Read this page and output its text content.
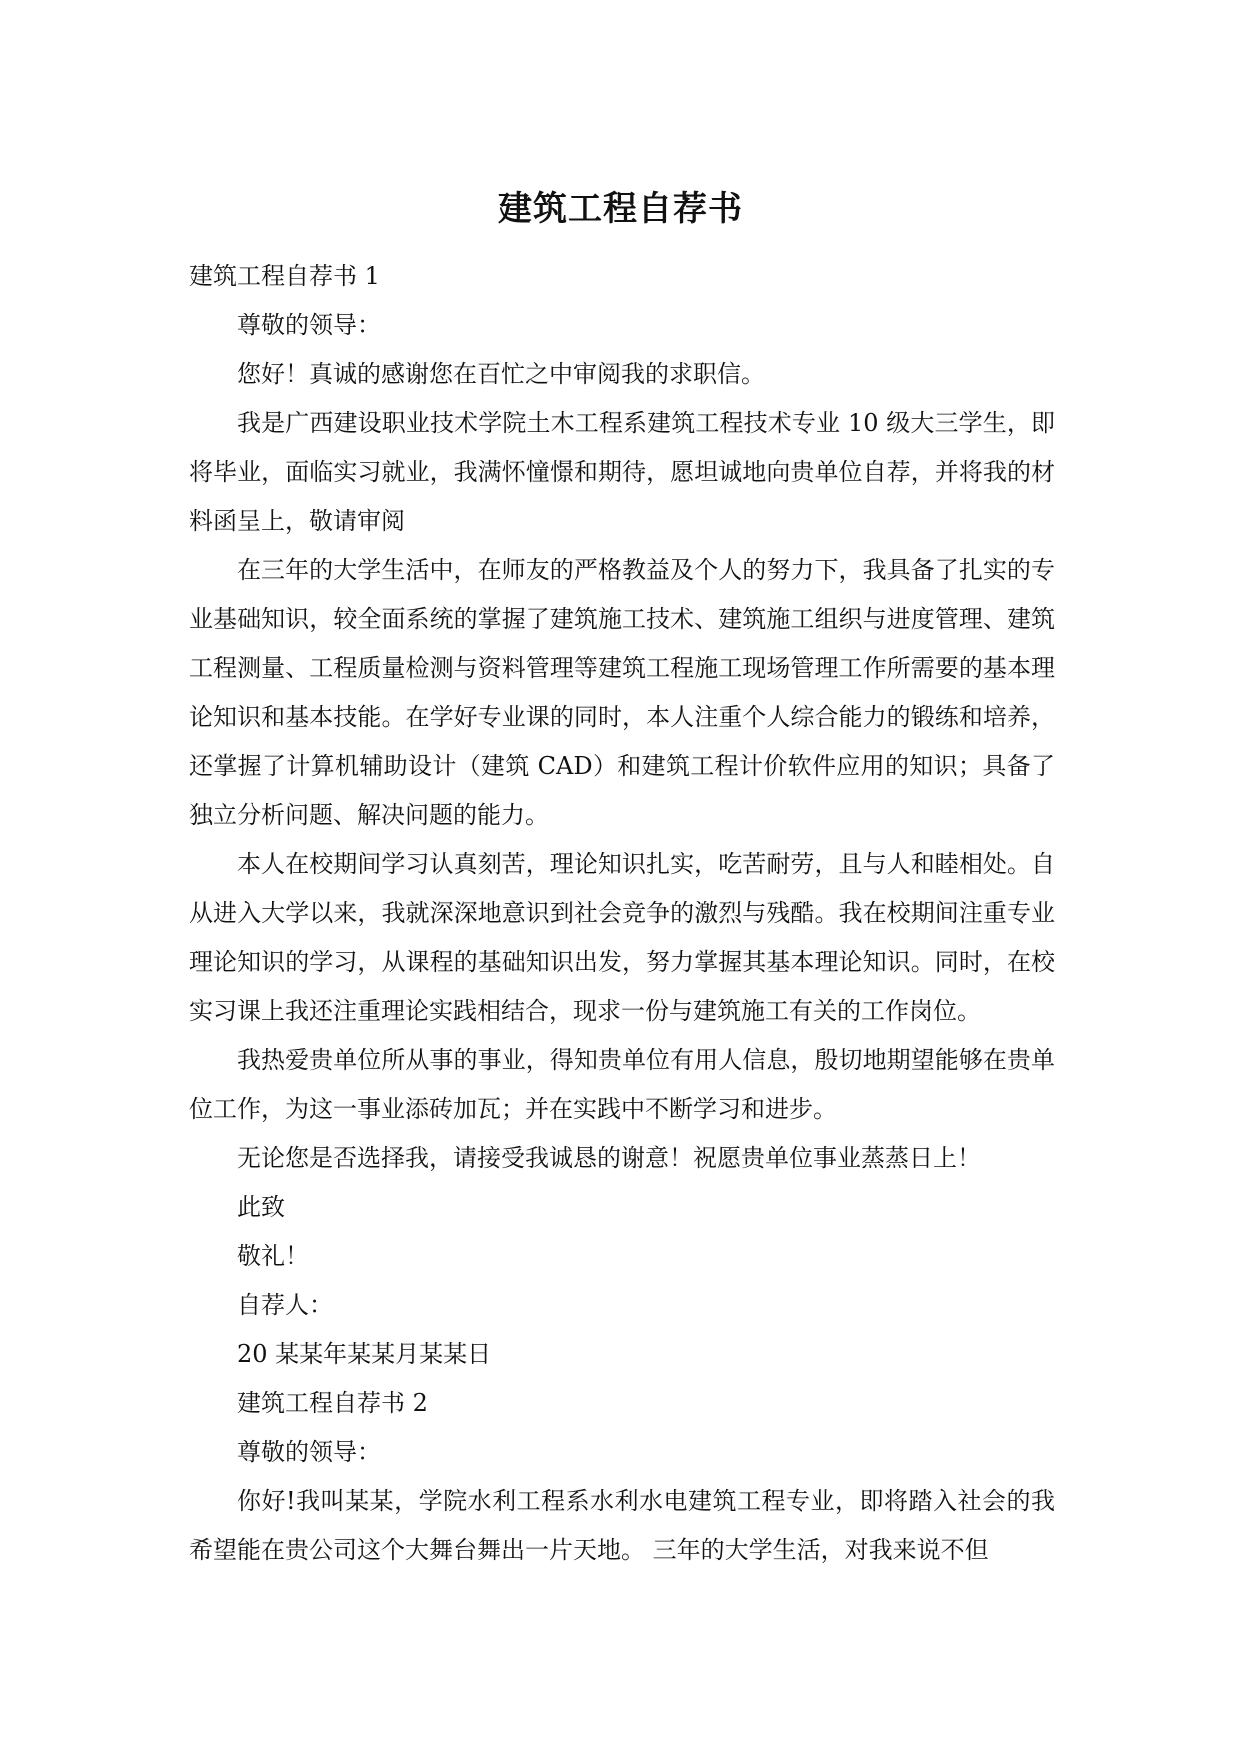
建筑工程自荐书

建筑工程自荐书 1

尊敬的领导：

您好！真诚的感谢您在百忙之中审阅我的求职信。

我是广西建设职业技术学院土木工程系建筑工程技术专业 10 级大三学生，即将毕业，面临实习就业，我满怀憧憬和期待，愿坦诚地向贵单位自荐，并将我的材料函呈上，敬请审阅

在三年的大学生活中，在师友的严格教益及个人的努力下，我具备了扎实的专业基础知识，较全面系统的掌握了建筑施工技术、建筑施工组织与进度管理、建筑工程测量、工程质量检测与资料管理等建筑工程施工现场管理工作所需要的基本理论知识和基本技能。在学好专业课的同时，本人注重个人综合能力的锻练和培养，还掌握了计算机辅助设计（建筑 CAD）和建筑工程计价软件应用的知识；具备了独立分析问题、解决问题的能力。

本人在校期间学习认真刻苦，理论知识扎实，吃苦耐劳，且与人和睦相处。自从进入大学以来，我就深深地意识到社会竞争的激烈与残酷。我在校期间注重专业理论知识的学习，从课程的基础知识出发，努力掌握其基本理论知识。同时，在校实习课上我还注重理论实践相结合，现求一份与建筑施工有关的工作岗位。

我热爱贵单位所从事的事业，得知贵单位有用人信息，殷切地期望能够在贵单位工作，为这一事业添砖加瓦；并在实践中不断学习和进步。

无论您是否选择我，请接受我诚恳的谢意！祝愿贵单位事业蒸蒸日上！

此致

敬礼！

自荐人：

20 某某年某某月某某日

建筑工程自荐书 2

尊敬的领导：

你好!我叫某某，学院水利工程系水利水电建筑工程专业，即将踏入社会的我希望能在贵公司这个大舞台舞出一片天地。 三年的大学生活，对我来说不但
